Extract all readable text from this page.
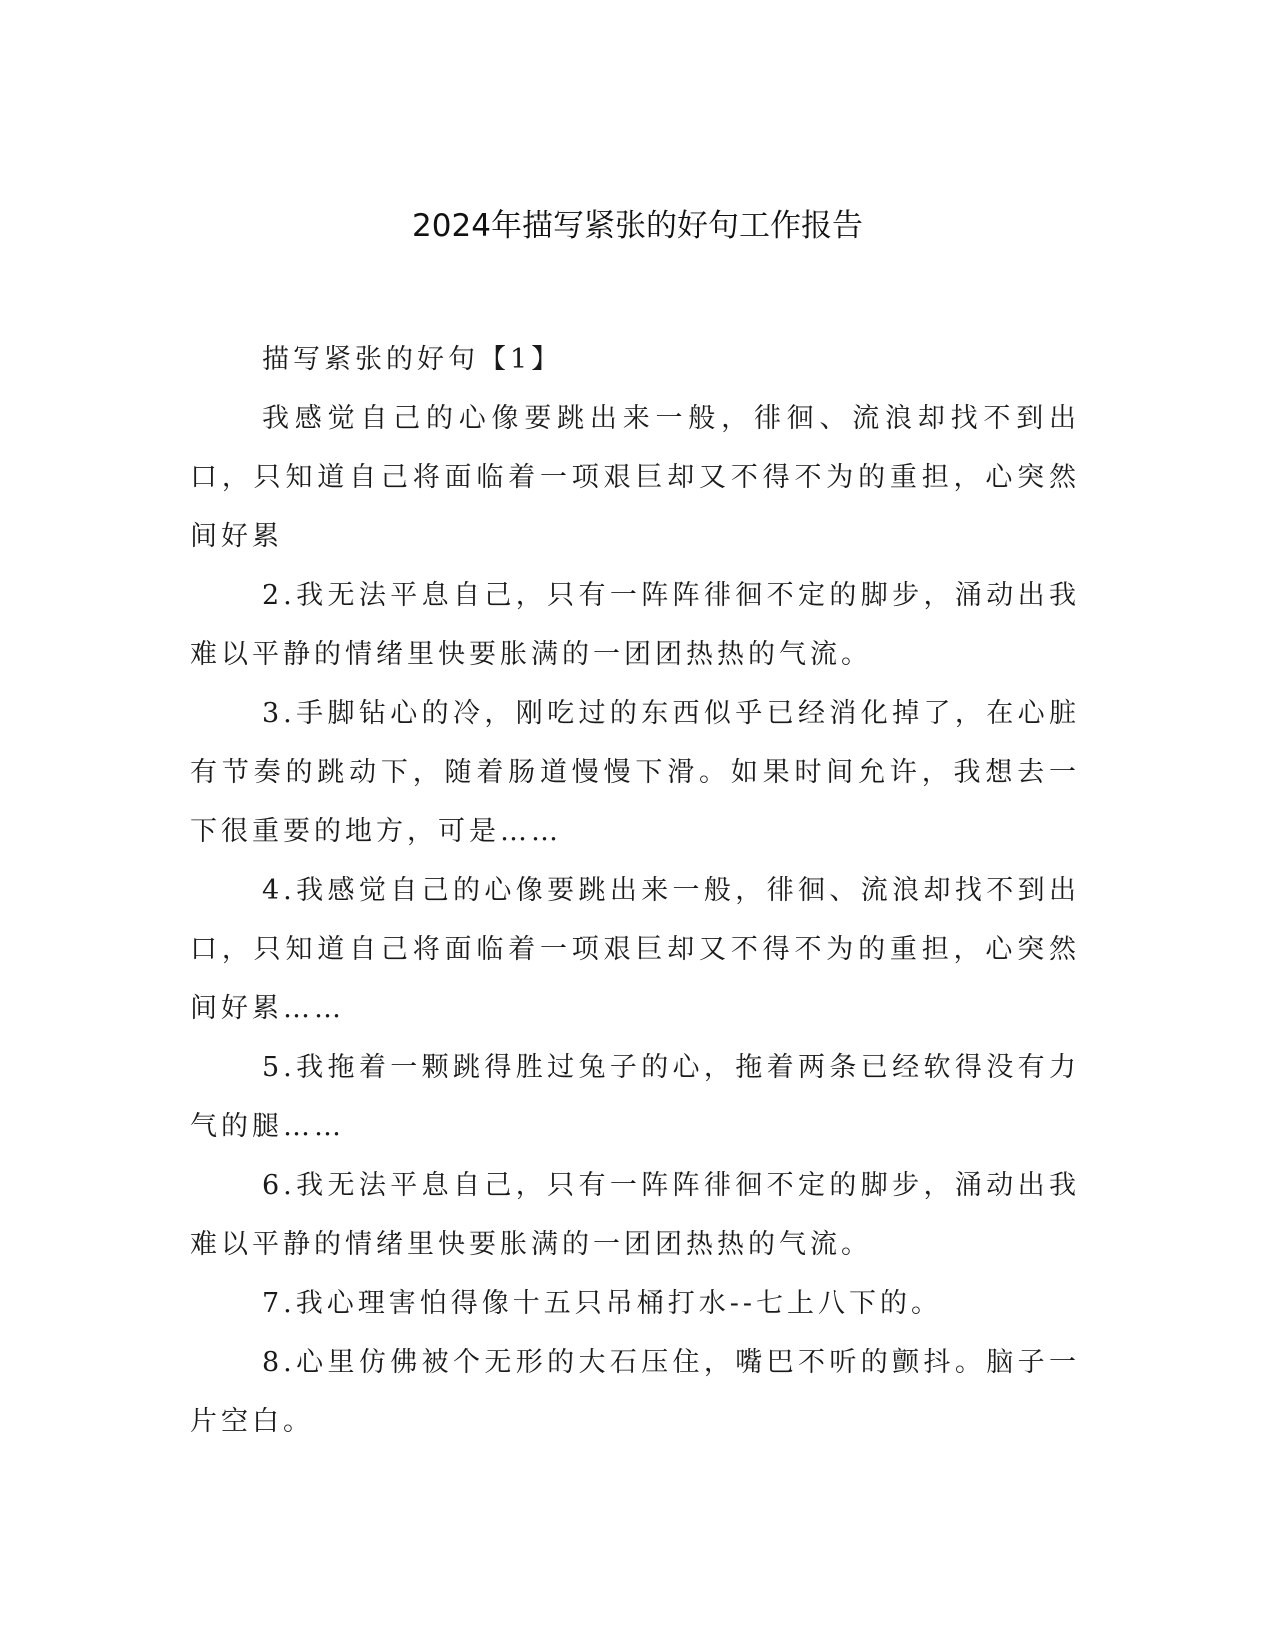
2024年描写紧张的好句工作报告

描写紧张的好句【1】

我感觉自己的心像要跳出来一般，徘徊、流浪却找不到出口，只知道自己将面临着一项艰巨却又不得不为的重担，心突然间好累

2.我无法平息自己，只有一阵阵徘徊不定的脚步，涌动出我难以平静的情绪里快要胀满的一团团热热的气流。

3.手脚钻心的冷，刚吃过的东西似乎已经消化掉了，在心脏有节奏的跳动下，随着肠道慢慢下滑。如果时间允许，我想去一下很重要的地方，可是……

4.我感觉自己的心像要跳出来一般，徘徊、流浪却找不到出口，只知道自己将面临着一项艰巨却又不得不为的重担，心突然间好累……

5.我拖着一颗跳得胜过兔子的心，拖着两条已经软得没有力气的腿……

6.我无法平息自己，只有一阵阵徘徊不定的脚步，涌动出我难以平静的情绪里快要胀满的一团团热热的气流。

7.我心理害怕得像十五只吊桶打水--七上八下的。

8.心里仿佛被个无形的大石压住，嘴巴不听的颤抖。脑子一片空白。
